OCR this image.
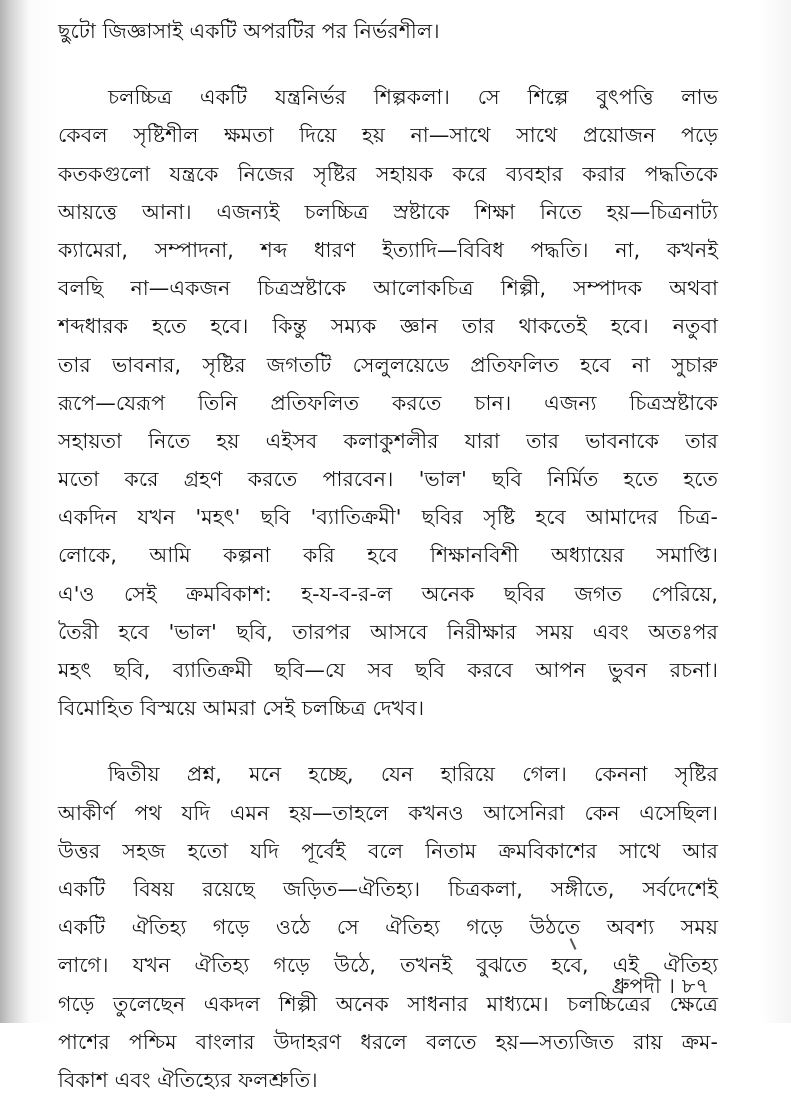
ছুটো জিজ্ঞাসাই একটি অপরটির পর নির্ভরশীল।
চলচ্চিত্র একটি যন্ত্রনির্ভর শিল্পকলা। সে শিল্পে বুৎপত্তি লাভ
কেবল সৃষ্টিশীল ক্ষমতা দিয়ে হয় না—সাথে সাথে প্রয়োজন পড়ে
কতকগুলো যন্ত্রকে নিজের সৃষ্টির সহায়ক করে ব্যবহার করার পদ্ধতিকে
আয়ত্তে আনা। এজন্যই চলচ্চিত্র স্রষ্টাকে শিক্ষা নিতে হয়—চিত্রনাট্য
ক্যামেরা, সম্পাদনা, শব্দ ধারণ ইত্যাদি—বিবিধ পদ্ধতি। না, কখনই
বলছি না—একজন চিত্রস্রষ্টাকে আলোকচিত্র শিল্পী, সম্পাদক অথবা
শব্দধারক হতে হবে। কিন্তু সম্যক জ্ঞান তার থাকতেই হবে। নতুবা
তার ভাবনার, সৃষ্টির জগতটি সেলুলয়েডে প্রতিফলিত হবে না সুচারু
রূপে—যেরূপ তিনি প্রতিফলিত করতে চান। এজন্য চিত্রস্রষ্টাকে
সহায়তা নিতে হয় এইসব কলাকুশলীর যারা তার ভাবনাকে তার
মতো করে গ্রহণ করতে পারবেন। 'ভাল' ছবি নির্মিত হতে হতে
একদিন যখন 'মহৎ' ছবি 'ব্যাতিক্রমী' ছবির সৃষ্টি হবে আমাদের চিত্র-
লোকে, আমি কল্পনা করি হবে শিক্ষানবিশী অধ্যায়ের সমাপ্তি।
এ'ও সেই ক্রমবিকাশ: হ-য-ব-র-ল অনেক ছবির জগত পেরিয়ে,
তৈরী হবে 'ভাল' ছবি, তারপর আসবে নিরীক্ষার সময় এবং অতঃপর
মহৎ ছবি, ব্যাতিক্রমী ছবি—যে সব ছবি করবে আপন ভুবন রচনা।
বিমোহিত বিস্ময়ে আমরা সেই চলচ্চিত্র দেখব।
দ্বিতীয় প্রশ্ন, মনে হচ্ছে, যেন হারিয়ে গেল। কেননা সৃষ্টির
আকীর্ণ পথ যদি এমন হয়—তাহলে কখনও আসেনিরা কেন এসেছিল।
উত্তর সহজ হতো যদি পূর্বেই বলে নিতাম ক্রমবিকাশের সাথে আর
একটি বিষয় রয়েছে জড়িত—ঐতিহ্য। চিত্রকলা, সঙ্গীতে, সর্বদেশেই
একটি ঐতিহ্য গড়ে ওঠে সে ঐতিহ্য গড়ে উঠতে অবশ্য সময়
লাগে। যখন ঐতিহ্য গড়ে উঠে, তখনই বুঝতে হবে, এই ঐতিহ্য
গড়ে তুলেছেন একদল শিল্পী অনেক সাধনার মাধ্যমে। চলচ্চিত্রের ক্ষেত্রে
পাশের পশ্চিম বাংলার উদাহরণ ধরলে বলতে হয়—সত্যজিত রায় ক্রম-
বিকাশ এবং ঐতিহ্যের ফলশ্রুতি।
ধ্রুপদী । ৮৭
